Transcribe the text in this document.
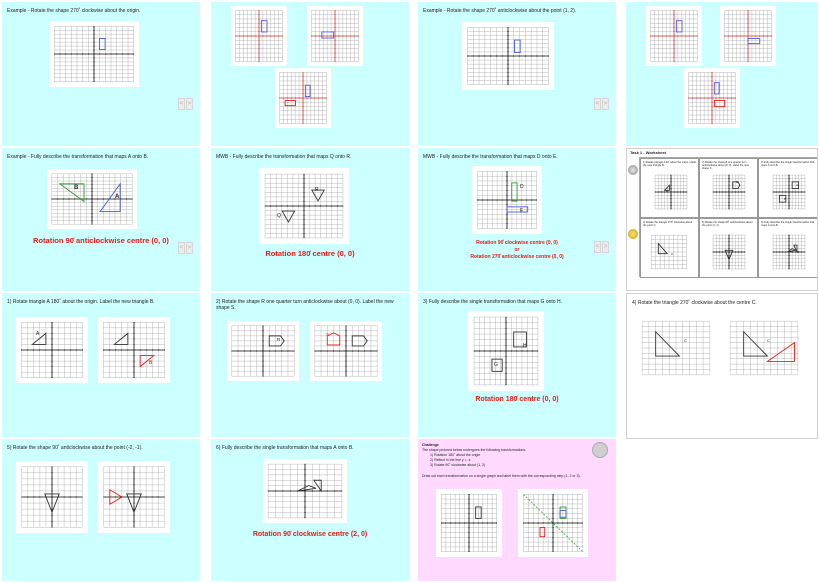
Example - Rotate the shape 270˚ clockwise about the origin.
< >
Example - Fully describe the transformation that maps A onto B.
B
A
Rotation 90̊ anticlockwise centre (0, 0)
< >
1) Rotate triangle A 180˚ about the origin. Label the new triangle B.
A
B
5) Rotate the shape 90˚ anticlockwise about the point (-2, -1).
MWB - Fully describe the transformation that maps Q onto R.
R
Q
Rotation 180̊ centre (0, 0)
2) Rotate the shape R one quarter turn anticlockwise about (0, 0). Label the new shape S.
R
S
6) Fully describe the single transformation that maps A onto B.
Rotation 90̊ clockwise centre (2, 0)
Example - Rotate the shape 270˚ anticlockwise about the point (1, 2).
< >
MWB - Fully describe the transformation that maps D onto E.
D
E
Rotation 90̊ clockwise centre (0, 0)
or
Rotation 270̊ anticlockwise centre (0, 0)
< >
3) Fully describe the single transformation that maps G onto H.
H
G
Rotation 180̊ centre (0, 0)
Challenge
The shape pictured below undergoes the following transformations:
1) Rotation 180˚ about the origin
2) Reflect in the line y = -x
3) Rotate 90˚ clockwise about (1, 2)
Draw out each transformation on a single graph and label them with the corresponding step (1, 2 or 3).
Task 1 - Worksheet
1) Rotate triangle A 90˚ about the origin. Label the new triangle B.
2) Rotate the shape B one quarter turn anticlockwise about (0, 0). Label the new shape C.
3) Fully describe the single transformation that maps A onto B.
4) Rotate the triangle 270˚ clockwise about the point C.
5) Rotate the shape 90˚ anticlockwise about the point (1, 1).
6) Fully describe the single transformation that maps A onto B.
A
B
A
B
C	B
4) Rotate the triangle 270˚ clockwise about the centre C.
C	C
